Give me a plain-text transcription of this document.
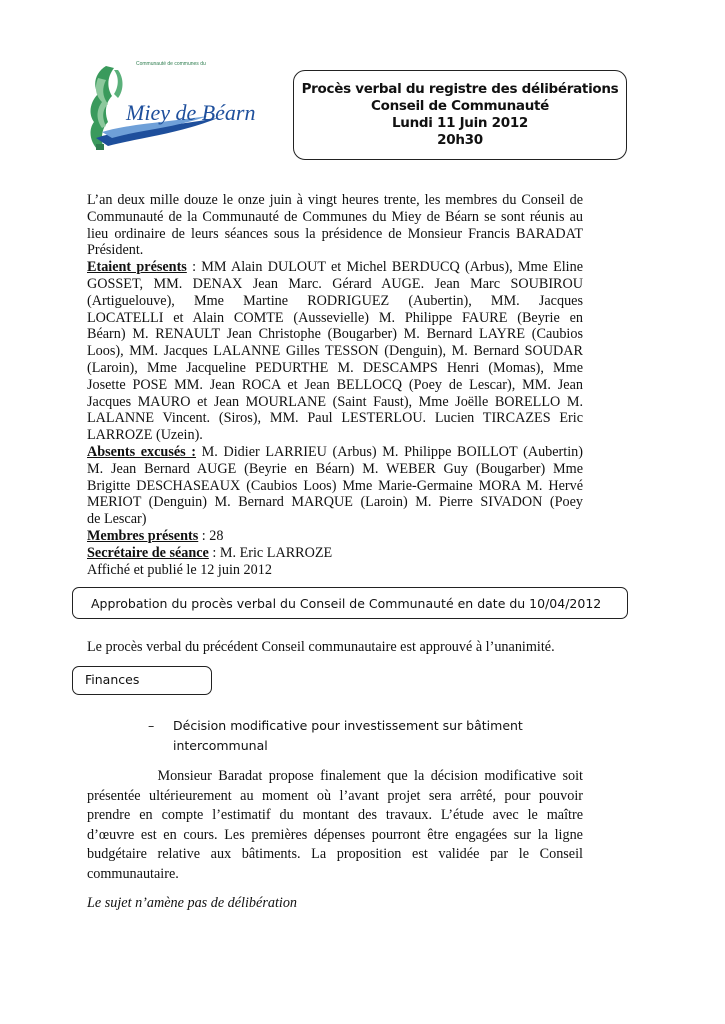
Communauté de communes du
Miey de Béarn
Procès verbal du registre des délibérations
Conseil de Communauté
Lundi 11 Juin 2012
20h30
L’an deux mille douze le onze juin à vingt heures trente, les membres du Conseil de
Communauté de la Communauté de Communes du Miey de Béarn se sont réunis au
lieu ordinaire de leurs séances sous la présidence de Monsieur Francis BARADAT
Président.
Etaient présents : MM Alain DULOUT et Michel BERDUCQ (Arbus), Mme Eline
GOSSET, MM. DENAX Jean Marc. Gérard AUGE. Jean Marc SOUBIROU
(Artiguelouve), Mme Martine RODRIGUEZ (Aubertin), MM. Jacques
LOCATELLI et Alain COMTE (Aussevielle) M. Philippe FAURE (Beyrie en
Béarn) M. RENAULT Jean Christophe (Bougarber) M. Bernard LAYRE (Caubios
Loos), MM. Jacques LALANNE Gilles TESSON (Denguin), M. Bernard SOUDAR
(Laroin), Mme Jacqueline PEDURTHE M. DESCAMPS Henri (Momas), Mme
Josette POSE MM. Jean ROCA et Jean BELLOCQ (Poey de Lescar), MM. Jean
Jacques MAURO et Jean MOURLANE (Saint Faust), Mme Joëlle BORELLO M.
LALANNE Vincent. (Siros), MM. Paul LESTERLOU. Lucien TIRCAZES Eric
LARROZE (Uzein).
Absents excusés : M. Didier LARRIEU (Arbus) M. Philippe BOILLOT (Aubertin)
M. Jean Bernard AUGE (Beyrie en Béarn) M. WEBER Guy (Bougarber) Mme
Brigitte DESCHASEAUX (Caubios Loos) Mme Marie-Germaine MORA M. Hervé
MERIOT (Denguin) M. Bernard MARQUE (Laroin) M. Pierre SIVADON (Poey
de Lescar)
Membres présents : 28
Secrétaire de séance : M. Eric LARROZE
Affiché et publié le 12 juin 2012
Approbation du procès verbal du Conseil de Communauté en date du 10/04/2012
Le procès verbal du précédent Conseil communautaire est approuvé à l’unanimité.
Finances
– Décision modificative pour investissement sur bâtiment
intercommunal
Monsieur Baradat propose finalement que la décision modificative soit
présentée ultérieurement au moment où l’avant projet sera arrêté, pour pouvoir
prendre en compte l’estimatif du montant des travaux. L’étude avec le maître
d’œuvre est en cours. Les premières dépenses pourront être engagées sur la ligne
budgétaire relative aux bâtiments. La proposition est validée par le Conseil
communautaire.
Le sujet n’amène pas de délibération
